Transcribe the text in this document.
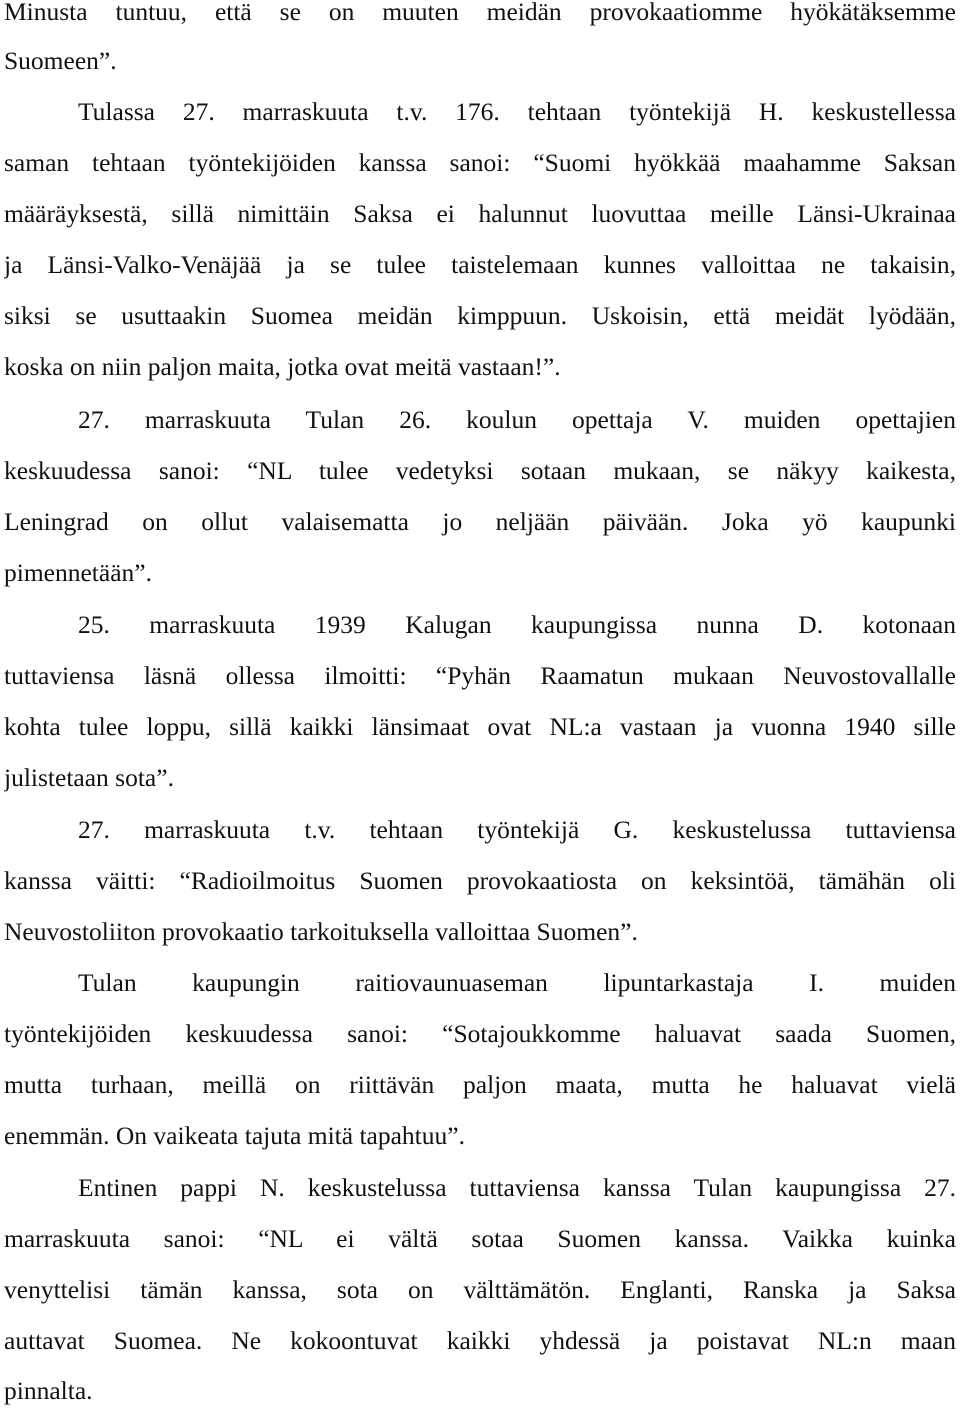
Minusta tuntuu, että se on muuten meidän provokaatiomme hyökätäksemme
Suomeen”.
Tulassa 27. marraskuuta t.v. 176. tehtaan työntekijä H. keskustellessa
saman tehtaan työntekijöiden kanssa sanoi: “Suomi hyökkää maahamme Saksan
määräyksestä, sillä nimittäin Saksa ei halunnut luovuttaa meille Länsi-Ukrainaa
ja Länsi-Valko-Venäjää ja se tulee taistelemaan kunnes valloittaa ne takaisin,
siksi se usuttaakin Suomea meidän kimppuun. Uskoisin, että meidät lyödään,
koska on niin paljon maita, jotka ovat meitä vastaan!”.
27. marraskuuta Tulan 26. koulun opettaja V. muiden opettajien
keskuudessa sanoi: “NL tulee vedetyksi sotaan mukaan, se näkyy kaikesta,
Leningrad on ollut valaisematta jo neljään päivään. Joka yö kaupunki
pimennetään”.
25. marraskuuta 1939 Kalugan kaupungissa nunna D. kotonaan
tuttaviensa läsnä ollessa ilmoitti: “Pyhän Raamatun mukaan Neuvostovallalle
kohta tulee loppu, sillä kaikki länsimaat ovat NL:a vastaan ja vuonna 1940 sille
julistetaan sota”.
27. marraskuuta t.v. tehtaan työntekijä G. keskustelussa tuttaviensa
kanssa väitti: “Radioilmoitus Suomen provokaatiosta on keksintöä, tämähän oli
Neuvostoliiton provokaatio tarkoituksella valloittaa Suomen”.
Tulan kaupungin raitiovaunuaseman lipuntarkastaja I. muiden
työntekijöiden keskuudessa sanoi: “Sotajoukkomme haluavat saada Suomen,
mutta turhaan, meillä on riittävän paljon maata, mutta he haluavat vielä
enemmän. On vaikeata tajuta mitä tapahtuu”.
Entinen pappi N. keskustelussa tuttaviensa kanssa Tulan kaupungissa 27.
marraskuuta sanoi: “NL ei vältä sotaa Suomen kanssa. Vaikka kuinka
venyttelisi tämän kanssa, sota on välttämätön. Englanti, Ranska ja Saksa
auttavat Suomea. Ne kokoontuvat kaikki yhdessä ja poistavat NL:n maan
pinnalta.
